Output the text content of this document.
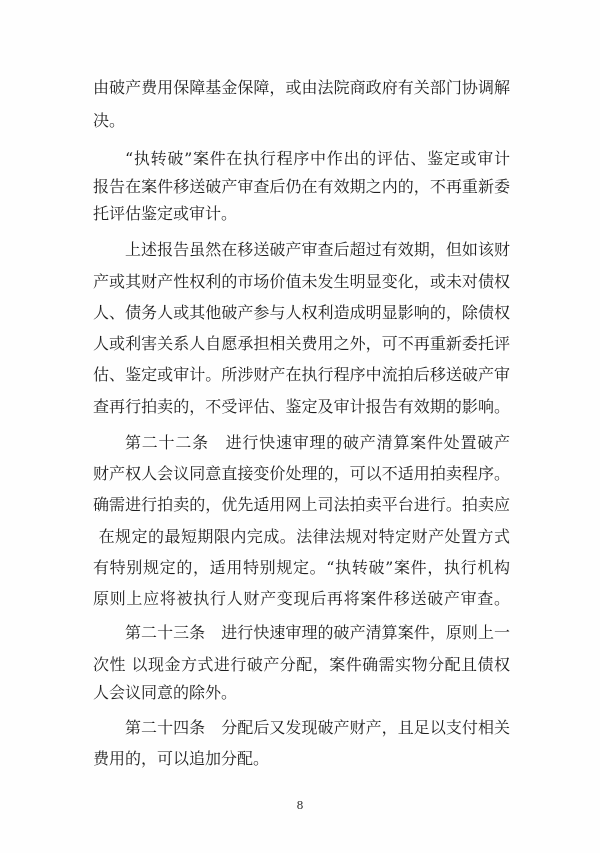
由破产费用保障基金保障，或由法院商政府有关部门协调解
决。
“执转破”案件在执行程序中作出的评估、鉴定或审计
报告在案件移送破产审查后仍在有效期之内的，不再重新委
托评估鉴定或审计。
上述报告虽然在移送破产审查后超过有效期，但如该财
产或其财产性权利的市场价值未发生明显变化，或未对债权
人、债务人或其他破产参与人权利造成明显影响的，除债权
人或利害关系人自愿承担相关费用之外，可不再重新委托评
估、鉴定或审计。所涉财产在执行程序中流拍后移送破产审
查再行拍卖的，不受评估、鉴定及审计报告有效期的影响。
第二十二条　进行快速审理的破产清算案件处置破产
财产权人会议同意直接变价处理的，可以不适用拍卖程序。
确需进行拍卖的，优先适用网上司法拍卖平台进行。拍卖应
在规定的最短期限内完成。法律法规对特定财产处置方式
有特别规定的，适用特别规定。“执转破”案件，执行机构
原则上应将被执行人财产变现后再将案件移送破产审查。
第二十三条　进行快速审理的破产清算案件，原则上一
次性 以现金方式进行破产分配，案件确需实物分配且债权
人会议同意的除外。
第二十四条　分配后又发现破产财产，且足以支付相关
费用的，可以追加分配。
8
